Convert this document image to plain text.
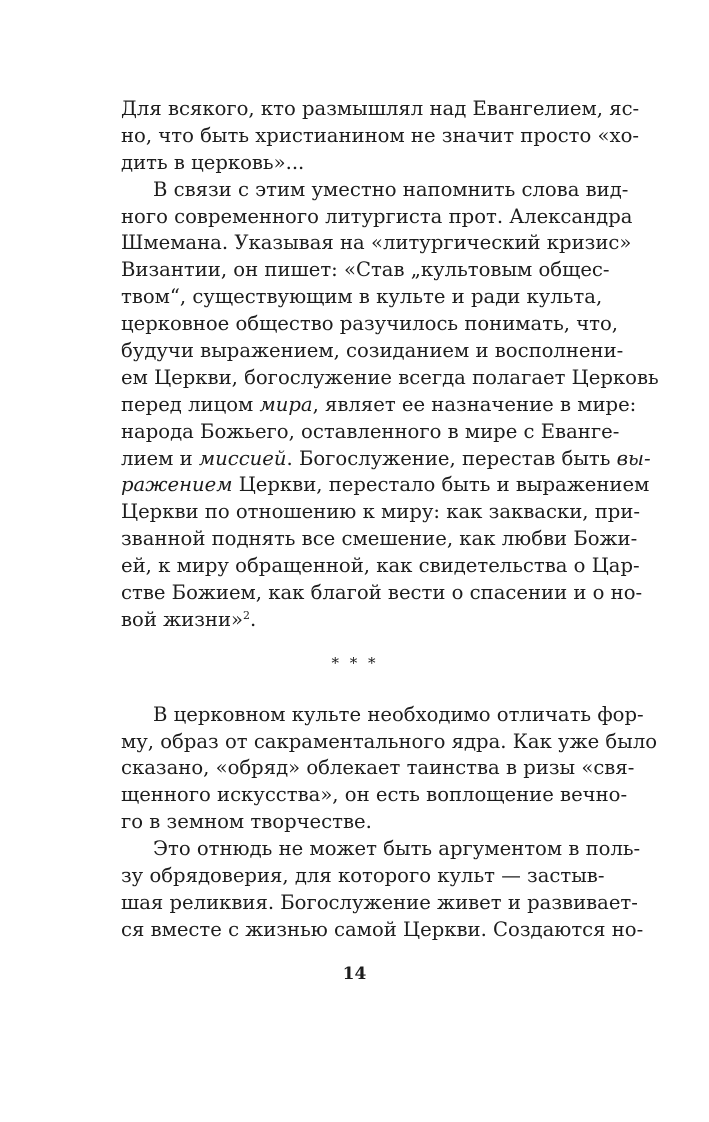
Для всякого, кто размышлял над Евангелием, яс-
но, что быть христианином не значит просто «хо-
дить в церковь»...
В связи с этим уместно напомнить слова вид-
ного современного литургиста прот. Александра
Шмемана. Указывая на «литургический кризис»
Византии, он пишет: «Став „культовым общес-
твом“, существующим в культе и ради культа,
церковное общество разучилось понимать, что,
будучи выражением, созиданием и восполнени-
ем Церкви, богослужение всегда полагает Церковь
перед лицом мира, являет ее назначение в мире:
народа Божьего, оставленного в мире с Еванге-
лием и миссией. Богослужение, перестав быть вы-
ражением Церкви, перестало быть и выражением
Церкви по отношению к миру: как закваски, при-
званной поднять все смешение, как любви Божи-
ей, к миру обращенной, как свидетельства о Цар-
стве Божием, как благой вести о спасении и о но-
вой жизни»$^2$.
* * *
В церковном культе необходимо отличать фор-
му, образ от сакраментального ядра. Как уже было
сказано, «обряд» облекает таинства в ризы «свя-
щенного искусства», он есть воплощение вечно-
го в земном творчестве.
Это отнюдь не может быть аргументом в поль-
зу обрядоверия, для которого культ — застыв-
шая реликвия. Богослужение живет и развивает-
ся вместе с жизнью самой Церкви. Создаются но-
14
